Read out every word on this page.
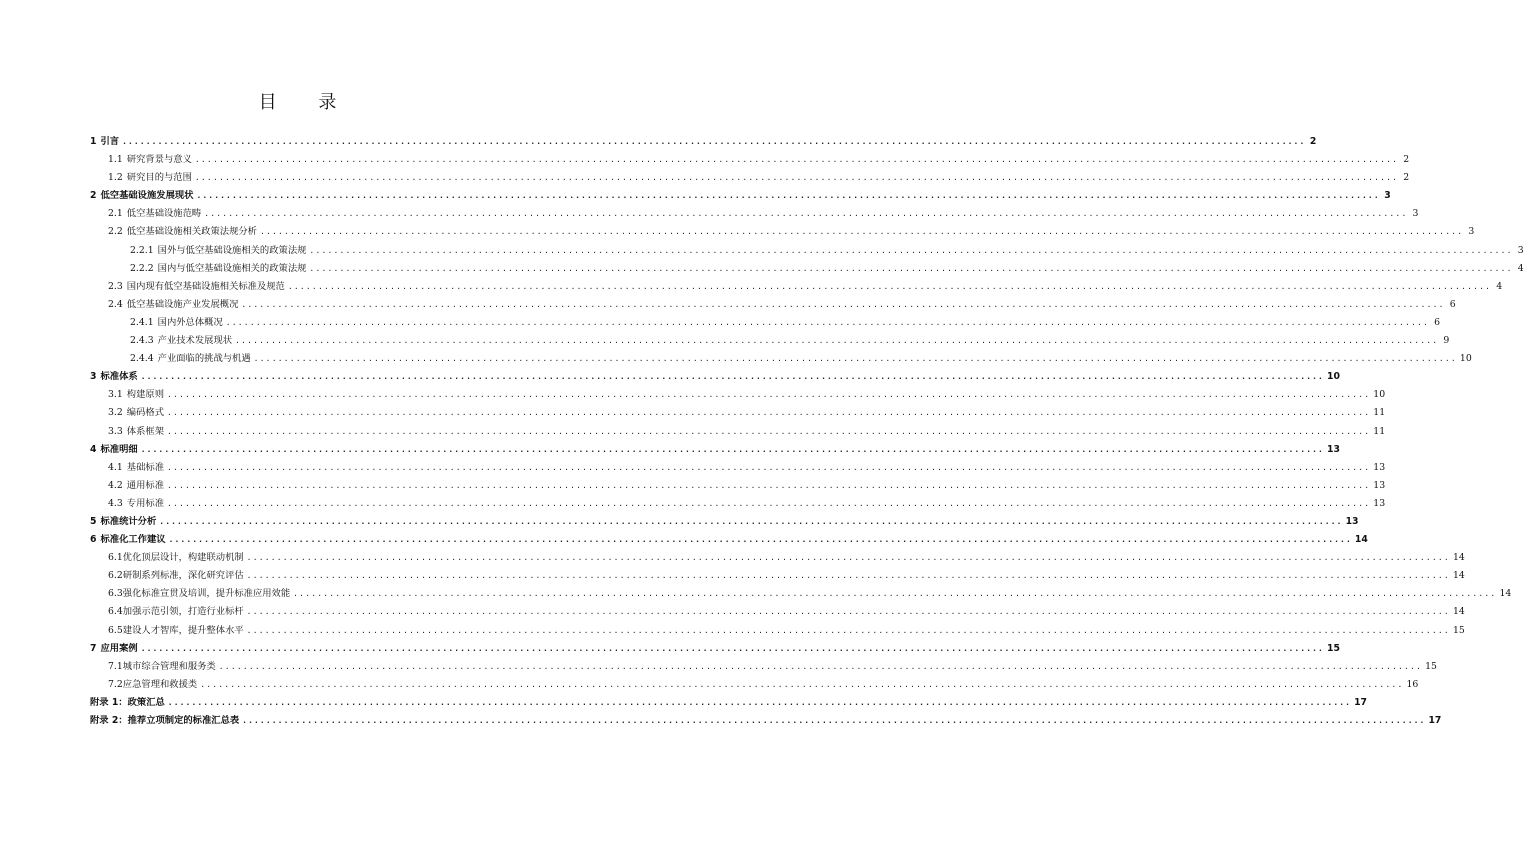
目 录
1 引言 ........................................................................................................................................................................................................ 2
1.1 研究背景与意义 ........................................................................................................................................................................................................ 2
1.2 研究目的与范围 ........................................................................................................................................................................................................ 2
2 低空基础设施发展现状 ........................................................................................................................................................................................................ 3
2.1 低空基础设施范畴 ........................................................................................................................................................................................................ 3
2.2 低空基础设施相关政策法规分析 ........................................................................................................................................................................................................ 3
2.2.1 国外与低空基础设施相关的政策法规 ........................................................................................................................................................................................................ 3
2.2.2 国内与低空基础设施相关的政策法规 ........................................................................................................................................................................................................ 4
2.3 国内现有低空基础设施相关标准及规范 ........................................................................................................................................................................................................ 4
2.4 低空基础设施产业发展概况 ........................................................................................................................................................................................................ 6
2.4.1 国内外总体概况 ........................................................................................................................................................................................................ 6
2.4.3 产业技术发展现状 ........................................................................................................................................................................................................ 9
2.4.4 产业面临的挑战与机遇 ........................................................................................................................................................................................................ 10
3 标准体系 ........................................................................................................................................................................................................ 10
3.1 构建原则 ........................................................................................................................................................................................................ 10
3.2 编码格式 ........................................................................................................................................................................................................ 11
3.3 体系框架 ........................................................................................................................................................................................................ 11
4 标准明细 ........................................................................................................................................................................................................ 13
4.1 基础标准 ........................................................................................................................................................................................................ 13
4.2 通用标准 ........................................................................................................................................................................................................ 13
4.3 专用标准 ........................................................................................................................................................................................................ 13
5 标准统计分析 ........................................................................................................................................................................................................ 13
6 标准化工作建议 ........................................................................................................................................................................................................ 14
6.1 优化顶层设计，构建联动机制 ........................................................................................................................................................................................................ 14
6.2 研制系列标准，深化研究评估 ........................................................................................................................................................................................................ 14
6.3 强化标准宣贯及培训，提升标准应用效能 ........................................................................................................................................................................................................ 14
6.4 加强示范引领，打造行业标杆 ........................................................................................................................................................................................................ 14
6.5 建设人才智库，提升整体水平 ........................................................................................................................................................................................................ 15
7 应用案例 ........................................................................................................................................................................................................ 15
7.1 城市综合管理和服务类 ........................................................................................................................................................................................................ 15
7.2 应急管理和救援类 ........................................................................................................................................................................................................ 16
附录 1：政策汇总 ........................................................................................................................................................................................................ 17
附录 2：推荐立项制定的标准汇总表 ........................................................................................................................................................................................................ 17
